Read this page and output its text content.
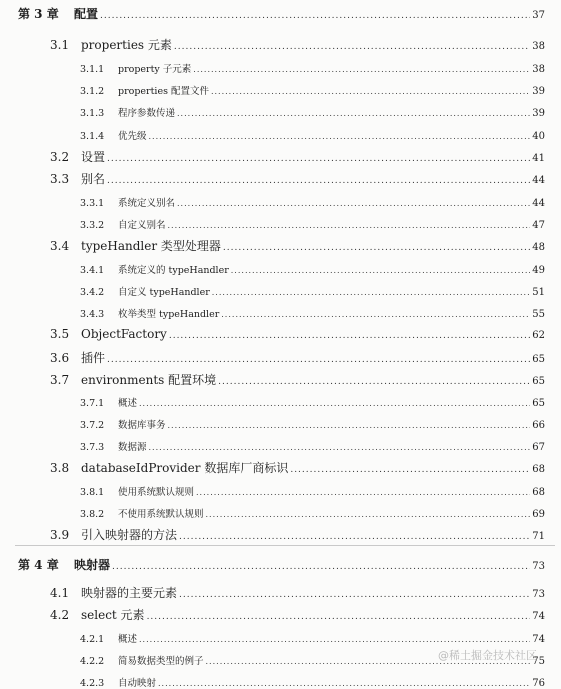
第 3 章	配置 .....	37
3.1 properties 元素 .....	38
3.1.1	property 子元素 .....	38
3.1.2	properties 配置文件 .....	39
3.1.3	程序参数传递 .....	39
3.1.4	优先级 .....	40
3.2 设置 .....	41
3.3 别名 .....	44
3.3.1	系统定义别名 .....	44
3.3.2	自定义别名 .....	47
3.4 typeHandler 类型处理器 .....	48
3.4.1	系统定义的 typeHandler .....	49
3.4.2	自定义 typeHandler .....	51
3.4.3	枚举类型 typeHandler .....	55
3.5 ObjectFactory .....	62
3.6 插件 .....	65
3.7 environments 配置环境 .....	65
3.7.1	概述 .....	65
3.7.2	数据库事务 .....	66
3.7.3	数据源 .....	67
3.8 databaseIdProvider 数据库厂商标识 .....	68
3.8.1	使用系统默认规则 .....	68
3.8.2	不使用系统默认规则 .....	69
3.9 引入映射器的方法 .....	71
第 4 章	映射器 .....	73
4.1 映射器的主要元素 .....	73
4.2 select 元素 .....	74
4.2.1	概述 .....	74
4.2.2	简易数据类型的例子 .....	75
4.2.3	自动映射 .....	76
@稀土掘金技术社区
